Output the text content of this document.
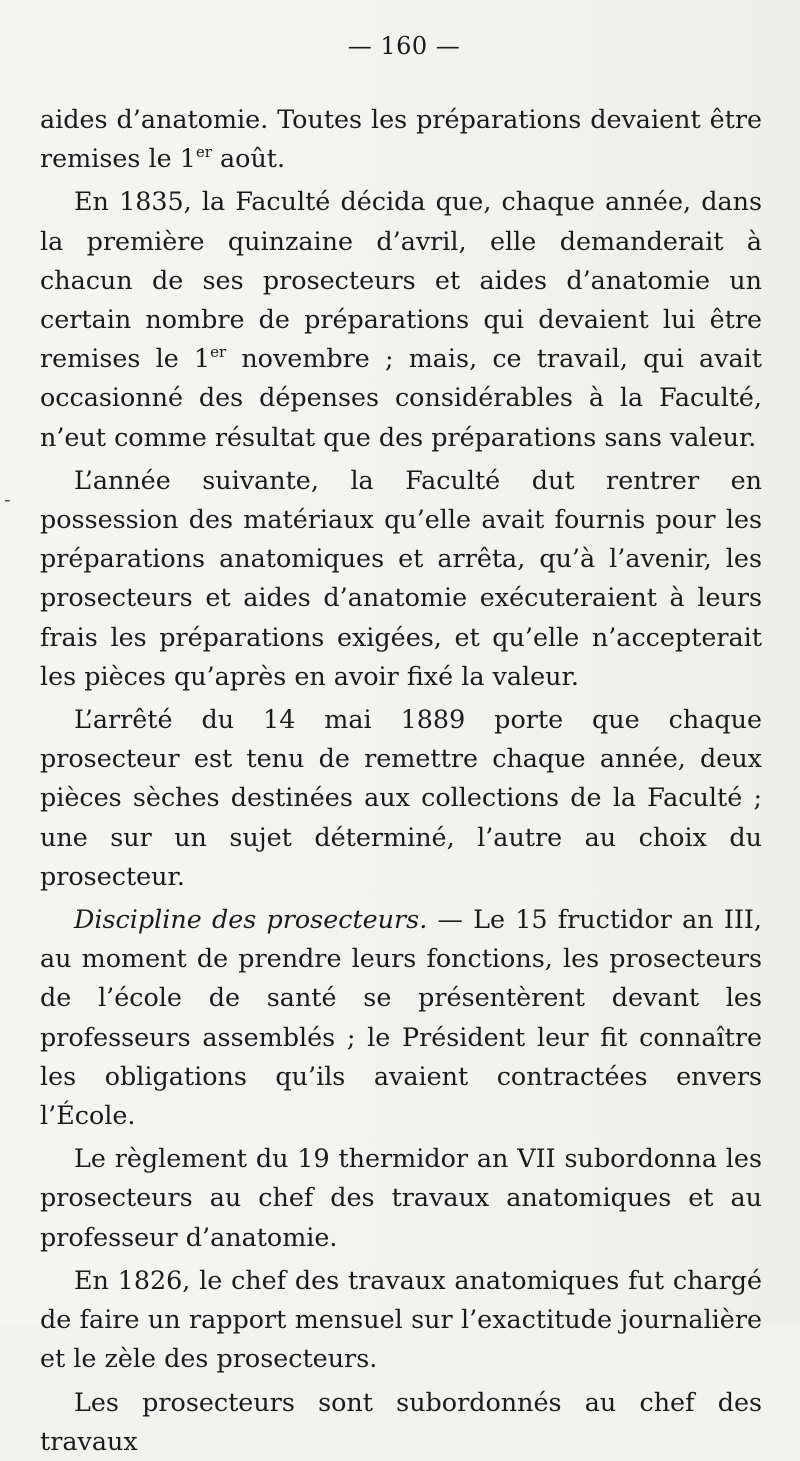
— 160 —
-

aides d’anatomie. Toutes les préparations devaient être remises le 1er août.

En 1835, la Faculté décida que, chaque année, dans la première quinzaine d’avril, elle demanderait à chacun de ses prosecteurs et aides d’anatomie un certain nombre de préparations qui devaient lui être remises le 1er novembre ; mais, ce travail, qui avait occasionné des dépenses considérables à la Faculté, n’eut comme résultat que des préparations sans valeur.

L’année suivante, la Faculté dut rentrer en possession des matériaux qu’elle avait fournis pour les préparations anatomiques et arrêta, qu’à l’avenir, les prosecteurs et aides d’anatomie exécuteraient à leurs frais les préparations exigées, et qu’elle n’accepterait les pièces qu’après en avoir fixé la valeur.

L’arrêté du 14 mai 1889 porte que chaque prosecteur est tenu de remettre chaque année, deux pièces sèches destinées aux collections de la Faculté ; une sur un sujet déterminé, l’autre au choix du prosecteur.

Discipline des prosecteurs. — Le 15 fructidor an III, au moment de prendre leurs fonctions, les prosecteurs de l’école de santé se présentèrent devant les professeurs assemblés ; le Président leur fit connaître les obligations qu’ils avaient contractées envers l’École.

Le règlement du 19 thermidor an VII subordonna les prosecteurs au chef des travaux anatomiques et au professeur d’anatomie.

En 1826, le chef des travaux anatomiques fut chargé de faire un rapport mensuel sur l’exactitude journalière et le zèle des prosecteurs.

Les prosecteurs sont subordonnés au chef des travaux
